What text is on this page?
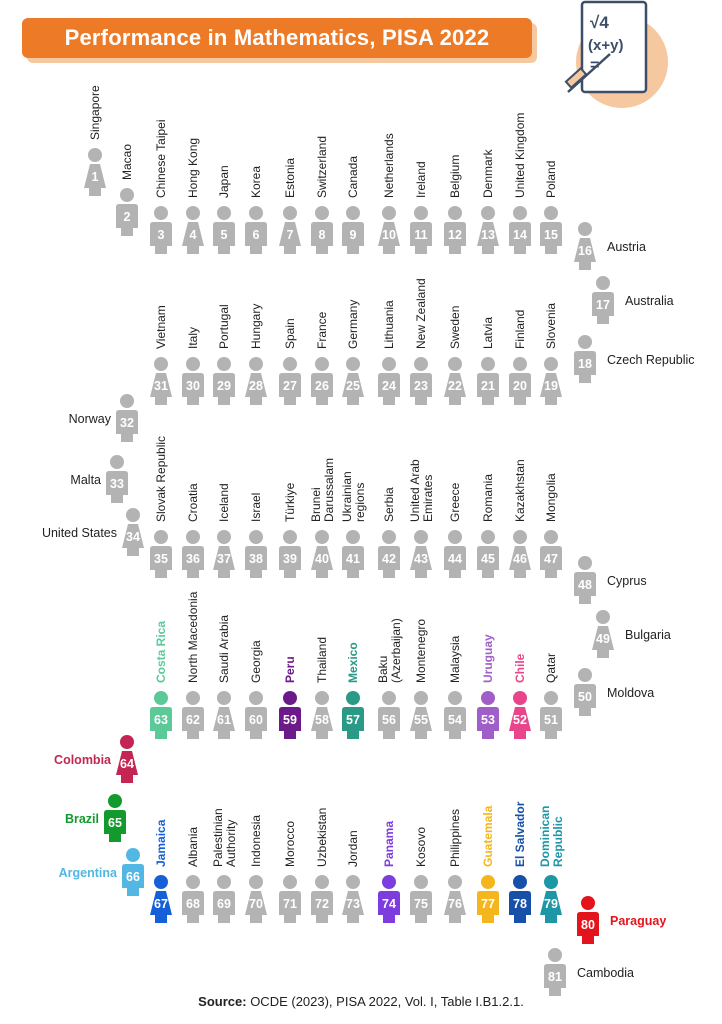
Performance in Mathematics, PISA 2022
√4
(x+y)
=
1
Singapore
2
Macao
3
Chinese Taipei
4
Hong Kong
5
Japan
6
Korea
7
Estonia
8
Switzerland
9
Canada
10
Netherlands
11
Ireland
12
Belgium
13
Denmark
14
United Kingdom
15
Poland
16	Austria
17	Australia
18	Czech Republic
19
Slovenia
20
Finland
21
Latvia
22
Sweden
23
New Zealand
24
Lithuania
25
Germany
26
France
27
Spain
28
Hungary
29
Portugal
30
Italy
31
Vietnam
32
Norway
33
Malta
34
United States
35
Slovak Republic
36
Croatia
37
Iceland
38
Israel
39
Türkiye
40
Brunei Darussalam
41
Ukrainian regions
42
Serbia
43
United Arab Emirates
44
Greece
45
Romania
46
Kazakhstan
47
Mongolia
48	Cyprus
49	Bulgaria
50	Moldova
51
Qatar
52
Chile
53
Uruguay
54
Malaysia
55
Montenegro
56
Baku (Azerbaijan)
57
Mexico
58
Thailand
59
Peru
60
Georgia
61
Saudi Arabia
62
North Macedonia
63
Costa Rica
64
Colombia
65
Brazil
66
Argentina
67
Jamaica
68
Albania
69
Palestinian Authority
70
Indonesia
71
Morocco
72
Uzbekistan
73
Jordan
74
Panama
75
Kosovo
76
Philippines
77
Guatemala
78
El Salvador
79
Dominican Republic
80	Paraguay
81	Cambodia
Source: OCDE (2023), PISA 2022, Vol. I, Table I.B1.2.1.
